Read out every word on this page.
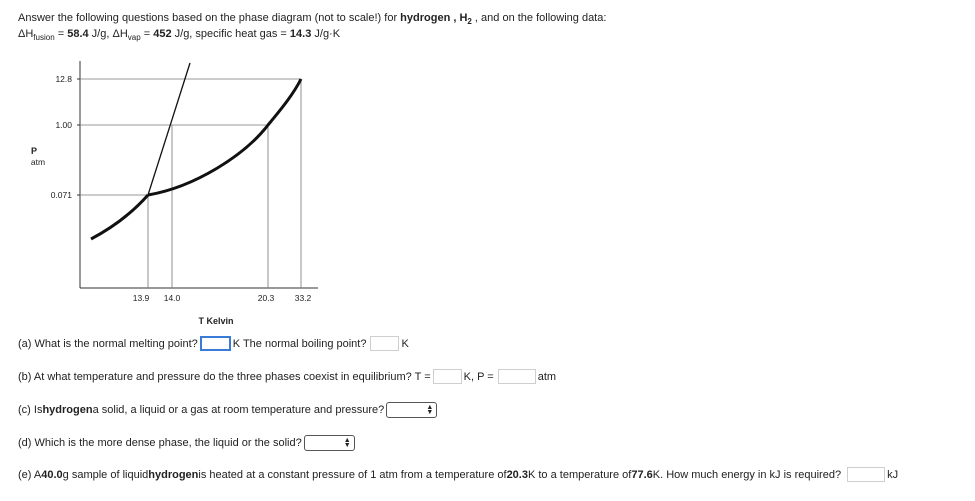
Answer the following questions based on the phase diagram (not to scale!) for hydrogen , $H_2$ , and on the following data:
$\Delta H_{fusion} = 58.4$ J/g, $\Delta H_{vap} = 452$ J/g, specific heat gas = 14.3 J/g·K
12.8
1.00
0.071
13.9 14.0	20.3 33.2
P
atm
T Kelvin
(a) What is the normal melting point?	K The normal boiling point?	K
(b) At what temperature and pressure do the three phases coexist in equilibrium? T =	K, P =	atm
(c) Is hydrogen a solid, a liquid or a gas at room temperature and pressure?	▲
▼
(d) Which is the more dense phase, the liquid or the solid?	▲
▼
(e) A 40.0 g sample of liquid hydrogen is heated at a constant pressure of 1 atm from a temperature of 20.3 K to a temperature of 77.6 K. How much energy in kJ is required?	kJ
